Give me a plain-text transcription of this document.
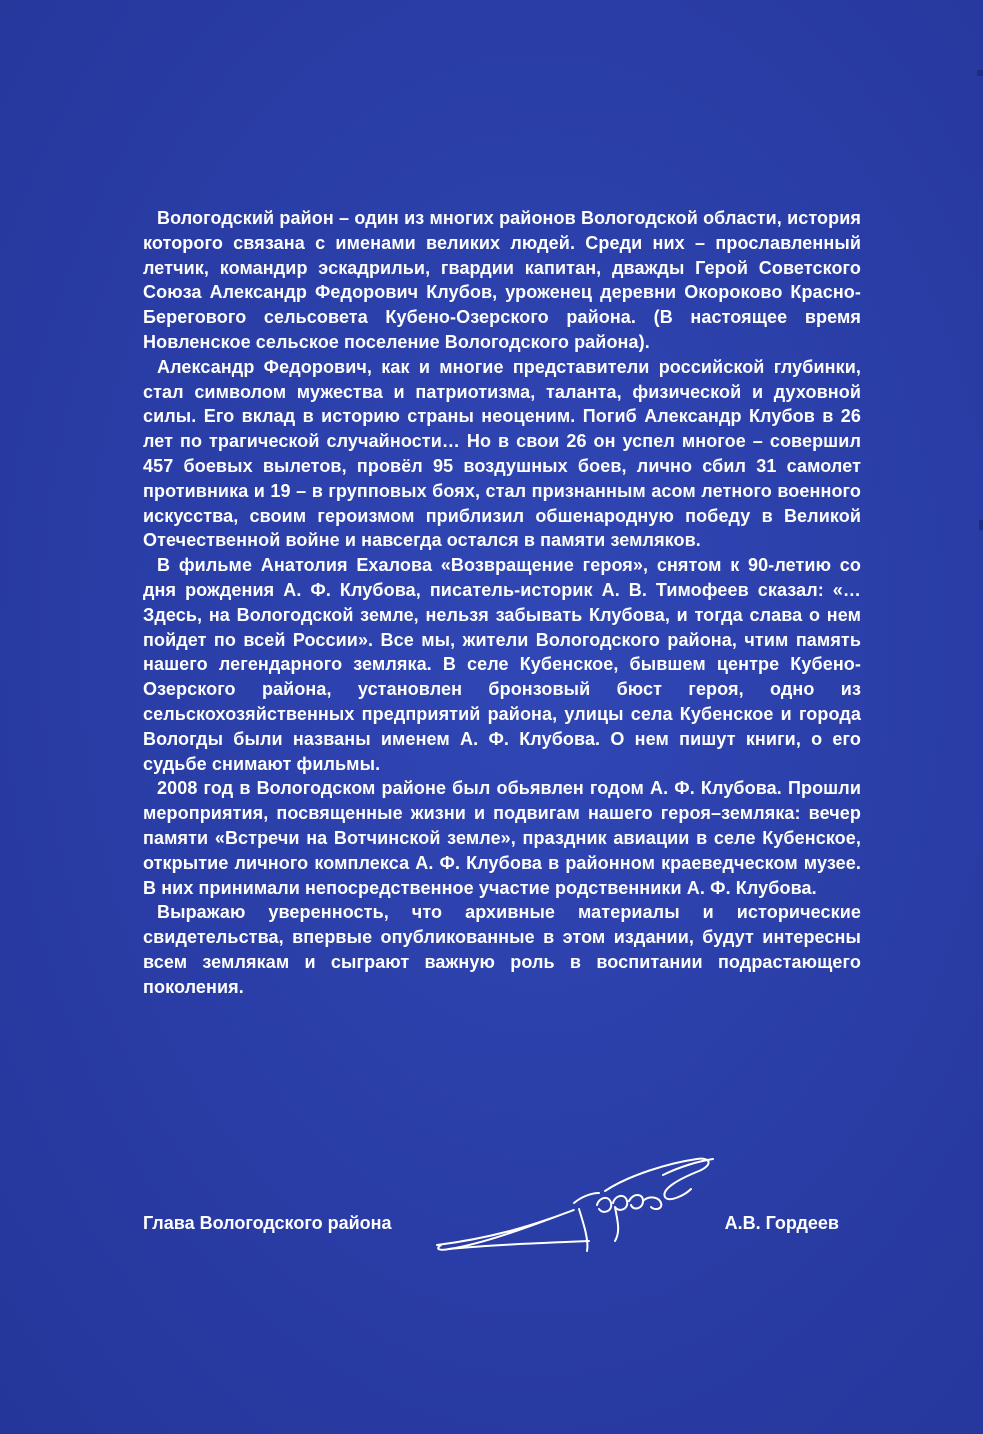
Вологодский район – один из многих районов Вологодской области, история которого связана с именами великих людей. Среди них – прославленный летчик, командир эскадрильи, гвардии капитан, дважды Герой Советского Союза Александр Федорович Клубов, уроженец деревни Окороково Красно-Берегового сельсовета Кубено-Озерского района. (В настоящее время Новленское сельское поселение Вологодского района).

Александр Федорович, как и многие представители российской глубинки, стал символом мужества и патриотизма, таланта, физической и духовной силы. Его вклад в историю страны неоценим. Погиб Александр Клубов в 26 лет по трагической случайности… Но в свои 26 он успел многое – совершил 457 боевых вылетов, провёл 95 воздушных боев, лично сбил 31 самолет противника и 19 – в групповых боях, стал признанным асом летного военного искусства, своим героизмом приблизил обшенародную победу в Великой Отечественной войне и навсегда остался в памяти земляков.

В фильме Анатолия Ехалова «Возвращение героя», снятом к 90-летию со дня рождения А. Ф. Клубова, писатель-историк А. В. Тимофеев сказал: «…Здесь, на Вологодской земле, нельзя забывать Клубова, и тогда слава о нем пойдет по всей России». Все мы, жители Вологодского района, чтим память нашего легендарного земляка. В селе Кубенское, бывшем центре Кубено-Озерского района, установлен бронзовый бюст героя, одно из сельскохозяйственных предприятий района, улицы села Кубенское и города Вологды были названы именем А. Ф. Клубова. О нем пишут книги, о его судьбе снимают фильмы.

2008 год в Вологодском районе был обьявлен годом А. Ф. Клубова. Прошли мероприятия, посвященные жизни и подвигам нашего героя–земляка: вечер памяти «Встречи на Вотчинской земле», праздник авиации в селе Кубенское, открытие личного комплекса А. Ф. Клубова в районном краеведческом музее. В них принимали непосредственное участие родственники А. Ф. Клубова.

Выражаю уверенность, что архивные материалы и исторические свидетельства, впервые опубликованные в этом издании, будут интересны всем землякам и сыграют важную роль в воспитании подрастающего поколения.

Глава Вологодского района	А.В. Гордеев
